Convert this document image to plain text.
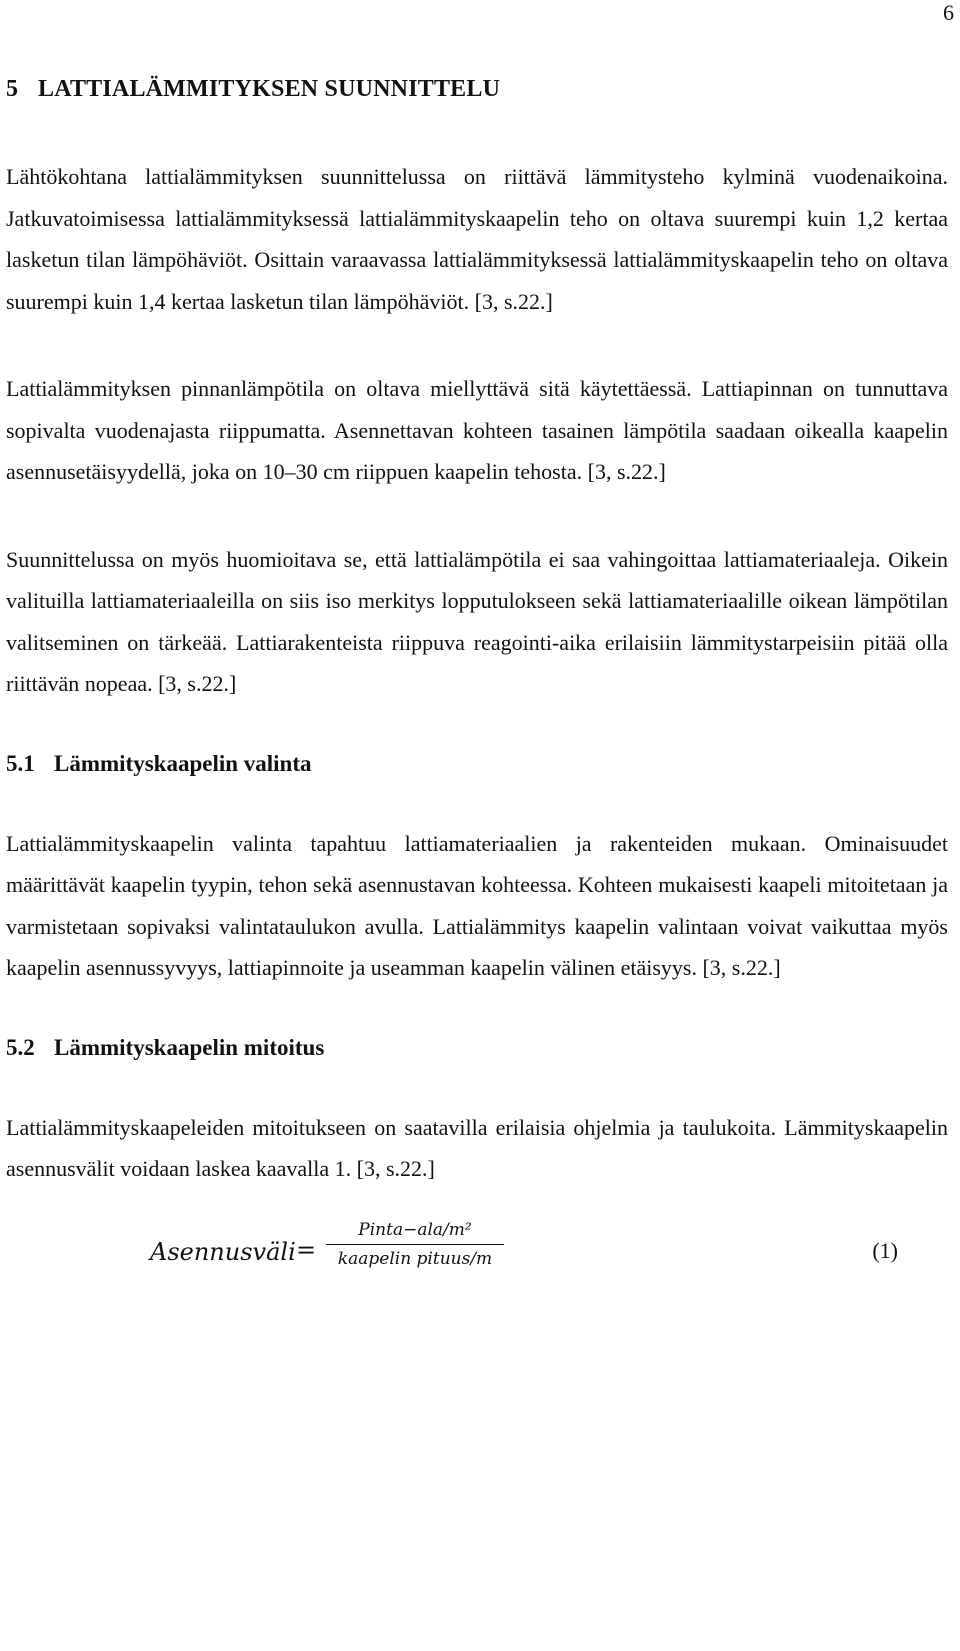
6
5 LATTIALÄMMITYKSEN SUUNNITTELU

Lähtökohtana lattialämmityksen suunnittelussa on riittävä lämmitysteho kylminä vuodenaikoina. Jatkuvatoimisessa lattialämmityksessä lattialämmityskaapelin teho on oltava suurempi kuin 1,2 kertaa lasketun tilan lämpöhäviöt. Osittain varaavassa lattialämmityksessä lattialämmityskaapelin teho on oltava suurempi kuin 1,4 kertaa lasketun tilan lämpöhäviöt. [3, s.22.]

Lattialämmityksen pinnanlämpötila on oltava miellyttävä sitä käytettäessä. Lattiapinnan on tunnuttava sopivalta vuodenajasta riippumatta. Asennettavan kohteen tasainen lämpötila saadaan oikealla kaapelin asennusetäisyydellä, joka on 10–30 cm riippuen kaapelin tehosta. [3, s.22.]

Suunnittelussa on myös huomioitava se, että lattialämpötila ei saa vahingoittaa lattiamateriaaleja. Oikein valituilla lattiamateriaaleilla on siis iso merkitys lopputulokseen sekä lattiamateriaalille oikean lämpötilan valitseminen on tärkeää. Lattiarakenteista riippuva reagointi-aika erilaisiin lämmitystarpeisiin pitää olla riittävän nopeaa. [3, s.22.]

5.1 Lämmityskaapelin valinta

Lattialämmityskaapelin valinta tapahtuu lattiamateriaalien ja rakenteiden mukaan. Ominaisuudet määrittävät kaapelin tyypin, tehon sekä asennustavan kohteessa. Kohteen mukaisesti kaapeli mitoitetaan ja varmistetaan sopivaksi valintataulukon avulla. Lattialämmitys kaapelin valintaan voivat vaikuttaa myös kaapelin asennussyvyys, lattiapinnoite ja useamman kaapelin välinen etäisyys. [3, s.22.]

5.2 Lämmityskaapelin mitoitus

Lattialämmityskaapeleiden mitoitukseen on saatavilla erilaisia ohjelmia ja taulukoita. Lämmityskaapelin asennusvälit voidaan laskea kaavalla 1. [3, s.22.]

Asennusväli =
Pinta−ala/m²
kaapelin pituus/m	(1)
